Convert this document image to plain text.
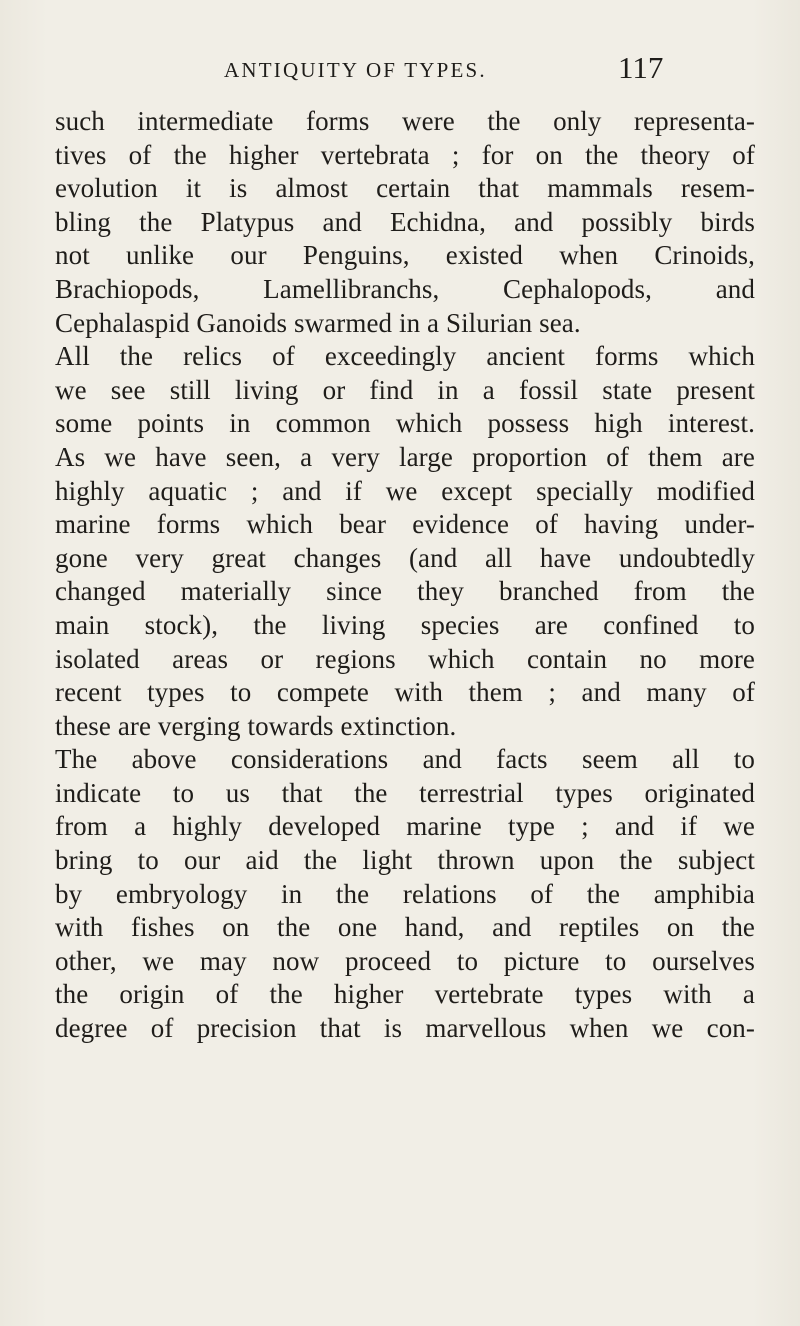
ANTIQUITY OF TYPES.	117
such intermediate forms were the only representa-
tives of the higher vertebrata ; for on the theory of
evolution it is almost certain that mammals resem-
bling the Platypus and Echidna, and possibly birds
not unlike our Penguins, existed when Crinoids,
Brachiopods, Lamellibranchs, Cephalopods, and
Cephalaspid Ganoids swarmed in a Silurian sea.
All the relics of exceedingly ancient forms which
we see still living or find in a fossil state present
some points in common which possess high interest.
As we have seen, a very large proportion of them are
highly aquatic ; and if we except specially modified
marine forms which bear evidence of having under-
gone very great changes (and all have undoubtedly
changed materially since they branched from the
main stock), the living species are confined to
isolated areas or regions which contain no more
recent types to compete with them ; and many of
these are verging towards extinction.
The above considerations and facts seem all to
indicate to us that the terrestrial types originated
from a highly developed marine type ; and if we
bring to our aid the light thrown upon the subject
by embryology in the relations of the amphibia
with fishes on the one hand, and reptiles on the
other, we may now proceed to picture to ourselves
the origin of the higher vertebrate types with a
degree of precision that is marvellous when we con-
